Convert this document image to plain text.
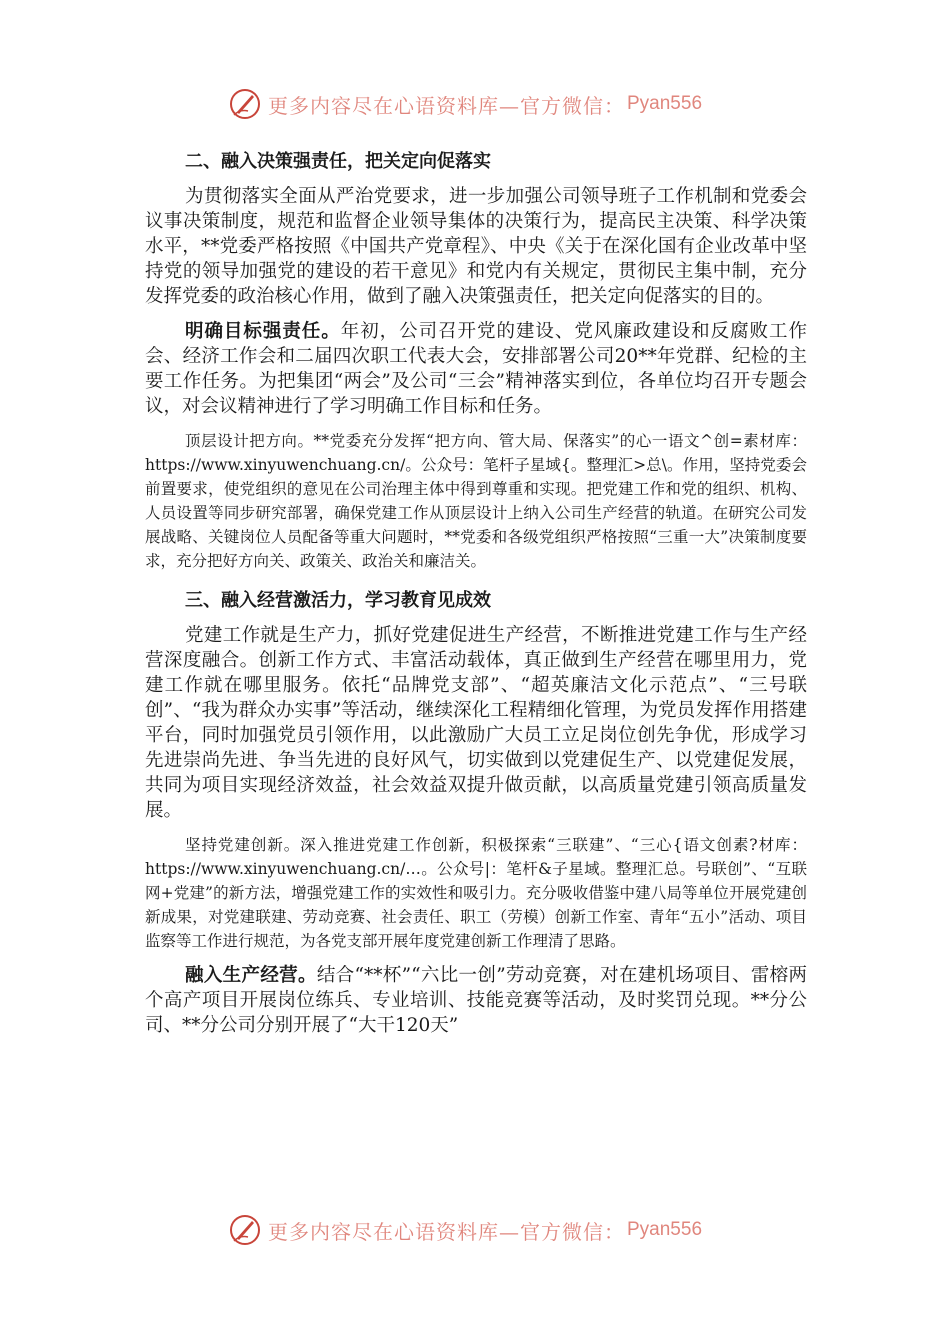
更多内容尽在心语资料库—官方微信： Pyan556
二、融入决策强责任，把关定向促落实

为贯彻落实全面从严治党要求，进一步加强公司领导班子工作机制和党委会议事决策制度，规范和监督企业领导集体的决策行为，提高民主决策、科学决策水平，**党委严格按照《中国共产党章程》、中央《关于在深化国有企业改革中坚持党的领导加强党的建设的若干意见》和党内有关规定，贯彻民主集中制，充分发挥党委的政治核心作用，做到了融入决策强责任，把关定向促落实的目的。

明确目标强责任。年初，公司召开党的建设、党风廉政建设和反腐败工作会、经济工作会和二届四次职工代表大会，安排部署公司20**年党群、纪检的主要工作任务。为把集团“两会”及公司“三会”精神落实到位，各单位均召开专题会议，对会议精神进行了学习明确工作目标和任务。

顶层设计把方向。**党委充分发挥“把方向、管大局、保落实”的心一语文^创=素材库：https://www.xinyuwenchuang.cn/。公众号：笔杆子星域{。整理汇>总\。作用，坚持党委会前置要求，使党组织的意见在公司治理主体中得到尊重和实现。把党建工作和党的组织、机构、人员设置等同步研究部署，确保党建工作从顶层设计上纳入公司生产经营的轨道。在研究公司发展战略、关键岗位人员配备等重大问题时，**党委和各级党组织严格按照“三重一大”决策制度要求，充分把好方向关、政策关、政治关和廉洁关。

三、融入经营激活力，学习教育见成效

党建工作就是生产力，抓好党建促进生产经营，不断推进党建工作与生产经营深度融合。创新工作方式、丰富活动载体，真正做到生产经营在哪里用力，党建工作就在哪里服务。依托“品牌党支部”、“超英廉洁文化示范点”、“三号联创”、“我为群众办实事”等活动，继续深化工程精细化管理，为党员发挥作用搭建平台，同时加强党员引领作用，以此激励广大员工立足岗位创先争优，形成学习先进崇尚先进、争当先进的良好风气，切实做到以党建促生产、以党建促发展，共同为项目实现经济效益，社会效益双提升做贡献，以高质量党建引领高质量发展。

坚持党建创新。深入推进党建工作创新，积极探索“三联建”、“三心{语文创素?材库：https://www.xinyuwenchuang.cn/…。公众号|：笔杆&子星域。整理汇总。号联创”、“互联网+党建”的新方法，增强党建工作的实效性和吸引力。充分吸收借鉴中建八局等单位开展党建创新成果，对党建联建、劳动竞赛、社会责任、职工（劳模）创新工作室、青年“五小”活动、项目监察等工作进行规范，为各党支部开展年度党建创新工作理清了思路。

融入生产经营。结合“**杯”“六比一创”劳动竞赛，对在建机场项目、雷榕两个高产项目开展岗位练兵、专业培训、技能竞赛等活动，及时奖罚兑现。**分公司、**分公司分别开展了“大干120天”

更多内容尽在心语资料库—官方微信： Pyan556
